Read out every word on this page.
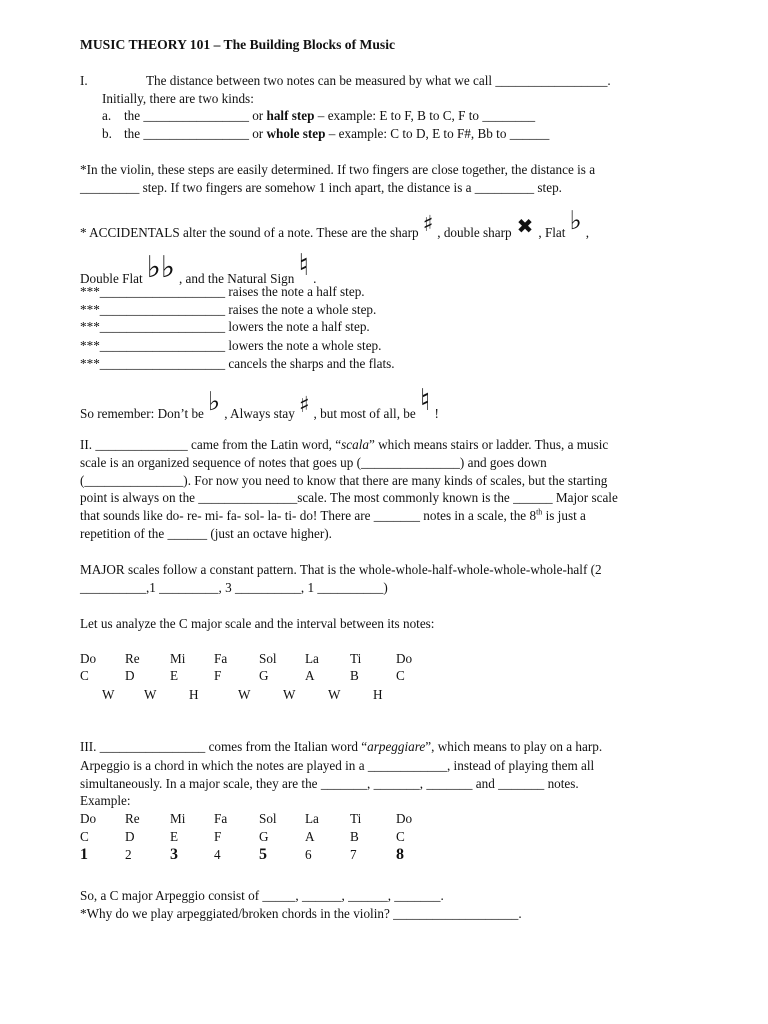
MUSIC THEORY 101 – The Building Blocks of Music
I.	The distance between two notes can be measured by what we call _________________.
Initially, there are two kinds:
a. the ________________ or half step – example: E to F, B to C, F to ________
b. the ________________ or whole step – example: C to D, E to F#, Bb to ______
*In the violin, these steps are easily determined. If two fingers are close together, the distance is a
_________ step. If two fingers are somehow 1 inch apart, the distance is a _________ step.
* ACCIDENTALS alter the sound of a note. These are the sharp ♯ , double sharp ✖ , Flat ♭ ,
Double Flat ♭♭ , and the Natural Sign ♮ .
***___________________ raises the note a half step.
***___________________ raises the note a whole step.
***___________________ lowers the note a half step.
***___________________ lowers the note a whole step.
***___________________ cancels the sharps and the flats.
So remember: Don’t be ♭ , Always stay ♯ , but most of all, be ♮ !
II. ______________ came from the Latin word, “scala” which means stairs or ladder. Thus, a music
scale is an organized sequence of notes that goes up (_______________) and goes down
(_______________). For now you need to know that there are many kinds of scales, but the starting
point is always on the _______________scale. The most commonly known is the ______ Major scale
that sounds like do- re- mi- fa- sol- la- ti- do! There are _______ notes in a scale, the 8th is just a
repetition of the ______ (just an octave higher).
MAJOR scales follow a constant pattern. That is the whole-whole-half-whole-whole-whole-half (2
__________,1 _________, 3 __________, 1 __________)
Let us analyze the C major scale and the interval between its notes:
Do Re Mi Fa Sol La Ti	Do
C	D	E	F	G	A	B	C
W W H	W W W H
III. ________________ comes from the Italian word “arpeggiare”, which means to play on a harp.
Arpeggio is a chord in which the notes are played in a ____________, instead of playing them all
simultaneously. In a major scale, they are the _______, _______, _______ and _______ notes.
Example:
Do Re Mi Fa Sol La Ti	Do
C	D	E	F	G	A	B	C
1	2 3	4 5	6	7 8
So, a C major Arpeggio consist of _____, ______, ______, _______.
*Why do we play arpeggiated/broken chords in the violin? ___________________.
